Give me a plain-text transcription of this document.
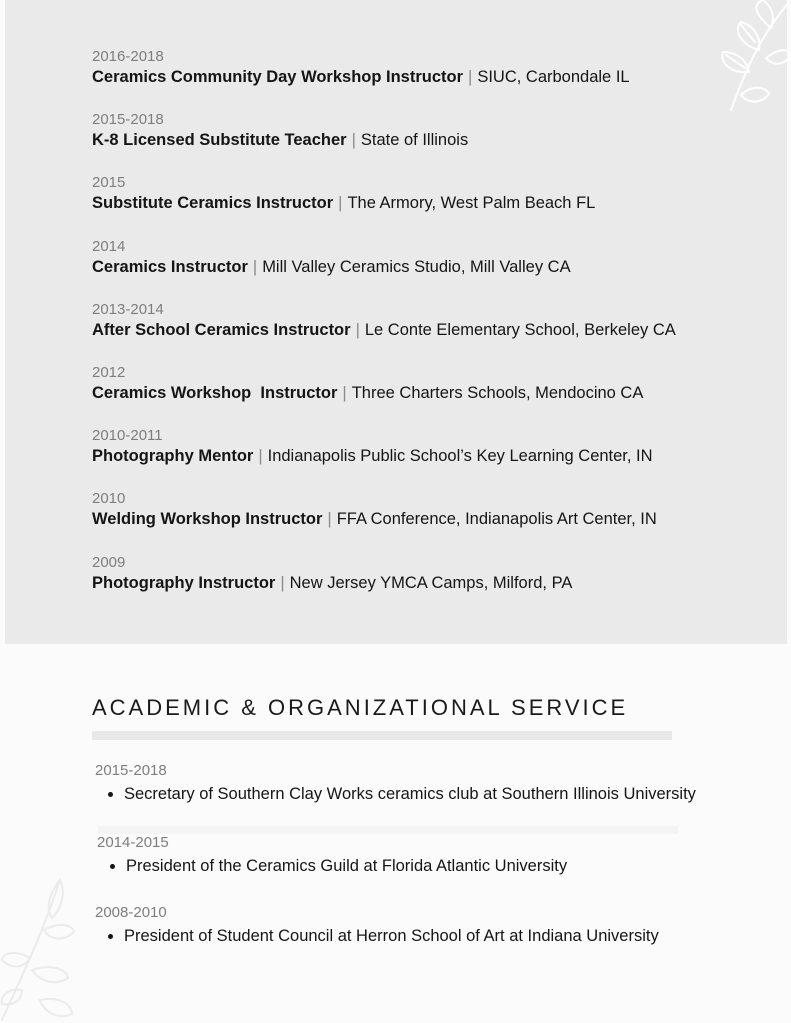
2016-2018
Ceramics Community Day Workshop Instructor | SIUC, Carbondale IL
2015-2018
K-8 Licensed Substitute Teacher | State of Illinois
2015
Substitute Ceramics Instructor | The Armory, West Palm Beach FL
2014
Ceramics Instructor | Mill Valley Ceramics Studio, Mill Valley CA
2013-2014
After School Ceramics Instructor | Le Conte Elementary School, Berkeley CA
2012
Ceramics Workshop  Instructor | Three Charters Schools, Mendocino CA
2010-2011
Photography Mentor | Indianapolis Public School’s Key Learning Center, IN
2010
Welding Workshop Instructor | FFA Conference, Indianapolis Art Center, IN
2009
Photography Instructor | New Jersey YMCA Camps, Milford, PA
ACADEMIC & ORGANIZATIONAL SERVICE
2015-2018
• Secretary of Southern Clay Works ceramics club at Southern Illinois University
2014-2015
• President of the Ceramics Guild at Florida Atlantic University
2008-2010
• President of Student Council at Herron School of Art at Indiana University
